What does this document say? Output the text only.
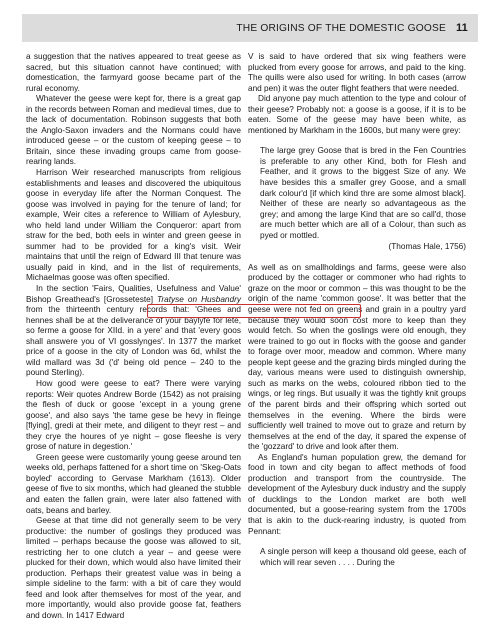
THE ORIGINS OF THE DOMESTIC GOOSE 11

a suggestion that the natives appeared to treat geese as sacred, but this situation cannot have continued; with domestication, the farmyard goose became part of the rural economy.

Whatever the geese were kept for, there is a great gap in the records between Roman and medieval times, due to the lack of documentation. Robinson suggests that both the Anglo-Saxon invaders and the Normans could have introduced geese – or the custom of keeping geese – to Britain, since these invading groups came from goose-rearing lands.

Harrison Weir researched manuscripts from religious establishments and leases and discovered the ubiquitous goose in everyday life after the Norman Conquest. The goose was involved in paying for the tenure of land; for example, Weir cites a reference to William of Aylesbury, who held land under William the Conqueror: apart from straw for the bed, both eels in winter and green geese in summer had to be provided for a king's visit. Weir maintains that until the reign of Edward III that tenure was usually paid in kind, and in the list of requirements, Michaelmas goose was often specified.

In the section 'Fairs, Qualities, Usefulness and Value' Bishop Greathead's [Grosseteste] Tratyse on Husbandry from the thirteenth century records that: 'Ghees and hennes shall be at the deliverance of your baylyfe for lete, so ferme a goose for XIId. in a yere' and that 'every goos shall answere you of VI gosslynges'. In 1377 the market price of a goose in the city of London was 6d, whilst the wild mallard was 3d ('d' being old pence – 240 to the pound Sterling).

How good were geese to eat? There were varying reports: Weir quotes Andrew Borde (1542) as not praising the flesh of duck or goose 'except in a young grene goose', and also says 'the tame gese be hevy in fleinge [flying], gredi at their mete, and diligent to theyr rest – and they crye the houres of ye night – gose fleeshe is very grose of nature in degestion.'

Green geese were customarily young geese around ten weeks old, perhaps fattened for a short time on 'Skeg-Oats boyled' according to Gervase Markham (1613). Older geese of five to six months, which had gleaned the stubble and eaten the fallen grain, were later also fattened with oats, beans and barley.

Geese at that time did not generally seem to be very productive: the number of goslings they produced was limited – perhaps because the goose was allowed to sit, restricting her to one clutch a year – and geese were plucked for their down, which would also have limited their production. Perhaps their greatest value was in being a simple sideline to the farm: with a bit of care they would feed and look after themselves for most of the year, and more importantly, would also provide goose fat, feathers and down. In 1417 Edward

V is said to have ordered that six wing feathers were plucked from every goose for arrows, and paid to the king. The quills were also used for writing. In both cases (arrow and pen) it was the outer flight feathers that were needed.

Did anyone pay much attention to the type and colour of their geese? Probably not: a goose is a goose, if it is to be eaten. Some of the geese may have been white, as mentioned by Markham in the 1600s, but many were grey:

The large grey Goose that is bred in the Fen Countries is preferable to any other Kind, both for Flesh and Feather, and it grows to the biggest Size of any. We have besides this a smaller grey Goose, and a small dark colour'd [if which kind thre are some almost black]. Neither of these are nearly so advantageous as the grey; and among the large Kind that are so call'd, those are much better which are all of a Colour, than such as pyed or mottled.

(Thomas Hale, 1756)

As well as on smallholdings and farms, geese were also produced by the cottager or commoner who had rights to graze on the moor or common – this was thought to be the origin of the name 'common goose'. It was better that the geese were not fed on greens and grain in a poultry yard because they would soon cost more to keep than they would fetch. So when the goslings were old enough, they were trained to go out in flocks with the goose and gander to forage over moor, meadow and common. Where many people kept geese and the grazing birds mingled during the day, various means were used to distinguish ownership, such as marks on the webs, coloured ribbon tied to the wings, or leg rings. But usually it was the tightly knit groups of the parent birds and their offspring which sorted out themselves in the evening. Where the birds were sufficiently well trained to move out to graze and return by themselves at the end of the day, it spared the expense of the 'gozzard' to drive and look after them.

As England's human population grew, the demand for food in town and city began to affect methods of food production and transport from the countryside. The development of the Aylesbury duck industry and the supply of ducklings to the London market are both well documented, but a goose-rearing system from the 1700s that is akin to the duck-rearing industry, is quoted from Pennant:

A single person will keep a thousand old geese, each of which will rear seven . . . . During the
